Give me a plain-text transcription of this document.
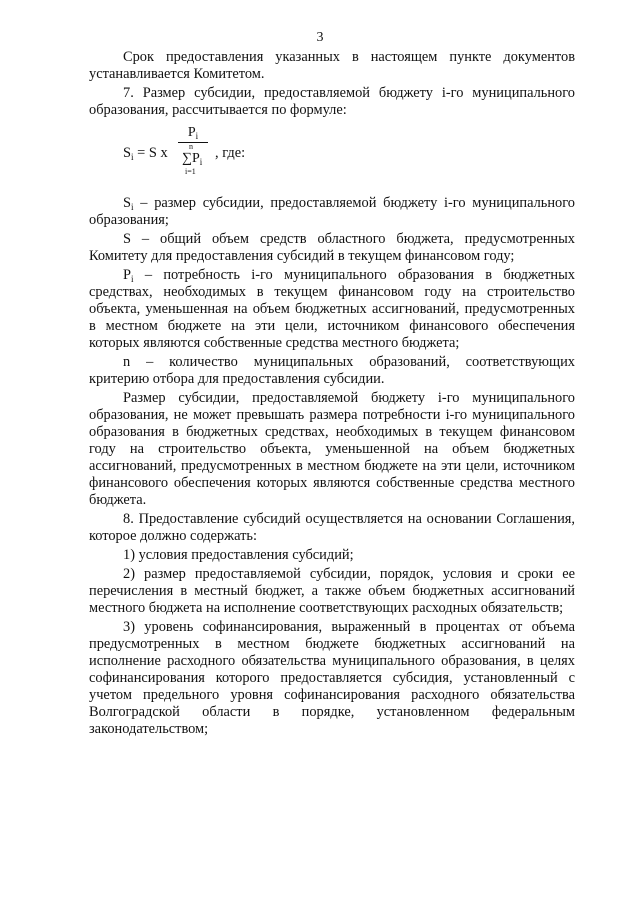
3

Срок предоставления указанных в настоящем пункте документов устанавливается Комитетом.

7. Размер субсидии, предоставляемой бюджету i-го муниципального образования, рассчитывается по формуле:

$S_i = S$ x $P_i$
n
$\sum P_i$
i=1 , где:

$S_i$ – размер субсидии, предоставляемой бюджету i-го муниципального образования;

S – общий объем средств областного бюджета, предусмотренных Комитету для предоставления субсидий в текущем финансовом году;

$P_i$ – потребность i-го муниципального образования в бюджетных средствах, необходимых в текущем финансовом году на строительство объекта, уменьшенная на объем бюджетных ассигнований, предусмотренных в местном бюджете на эти цели, источником финансового обеспечения которых являются собственные средства местного бюджета;

n – количество муниципальных образований, соответствующих критерию отбора для предоставления субсидии.

Размер субсидии, предоставляемой бюджету i-го муниципального образования, не может превышать размера потребности i-го муниципального образования в бюджетных средствах, необходимых в текущем финансовом году на строительство объекта, уменьшенной на объем бюджетных ассигнований, предусмотренных в местном бюджете на эти цели, источником финансового обеспечения которых являются собственные средства местного бюджета.

8. Предоставление субсидий осуществляется на основании Соглашения, которое должно содержать:

1) условия предоставления субсидий;

2) размер предоставляемой субсидии, порядок, условия и сроки ее перечисления в местный бюджет, а также объем бюджетных ассигнований местного бюджета на исполнение соответствующих расходных обязательств;

3) уровень софинансирования, выраженный в процентах от объема предусмотренных в местном бюджете бюджетных ассигнований на исполнение расходного обязательства муниципального образования, в целях софинансирования которого предоставляется субсидия, установленный с учетом предельного уровня софинансирования расходного обязательства Волгоградской области в порядке, установленном федеральным законодательством;
